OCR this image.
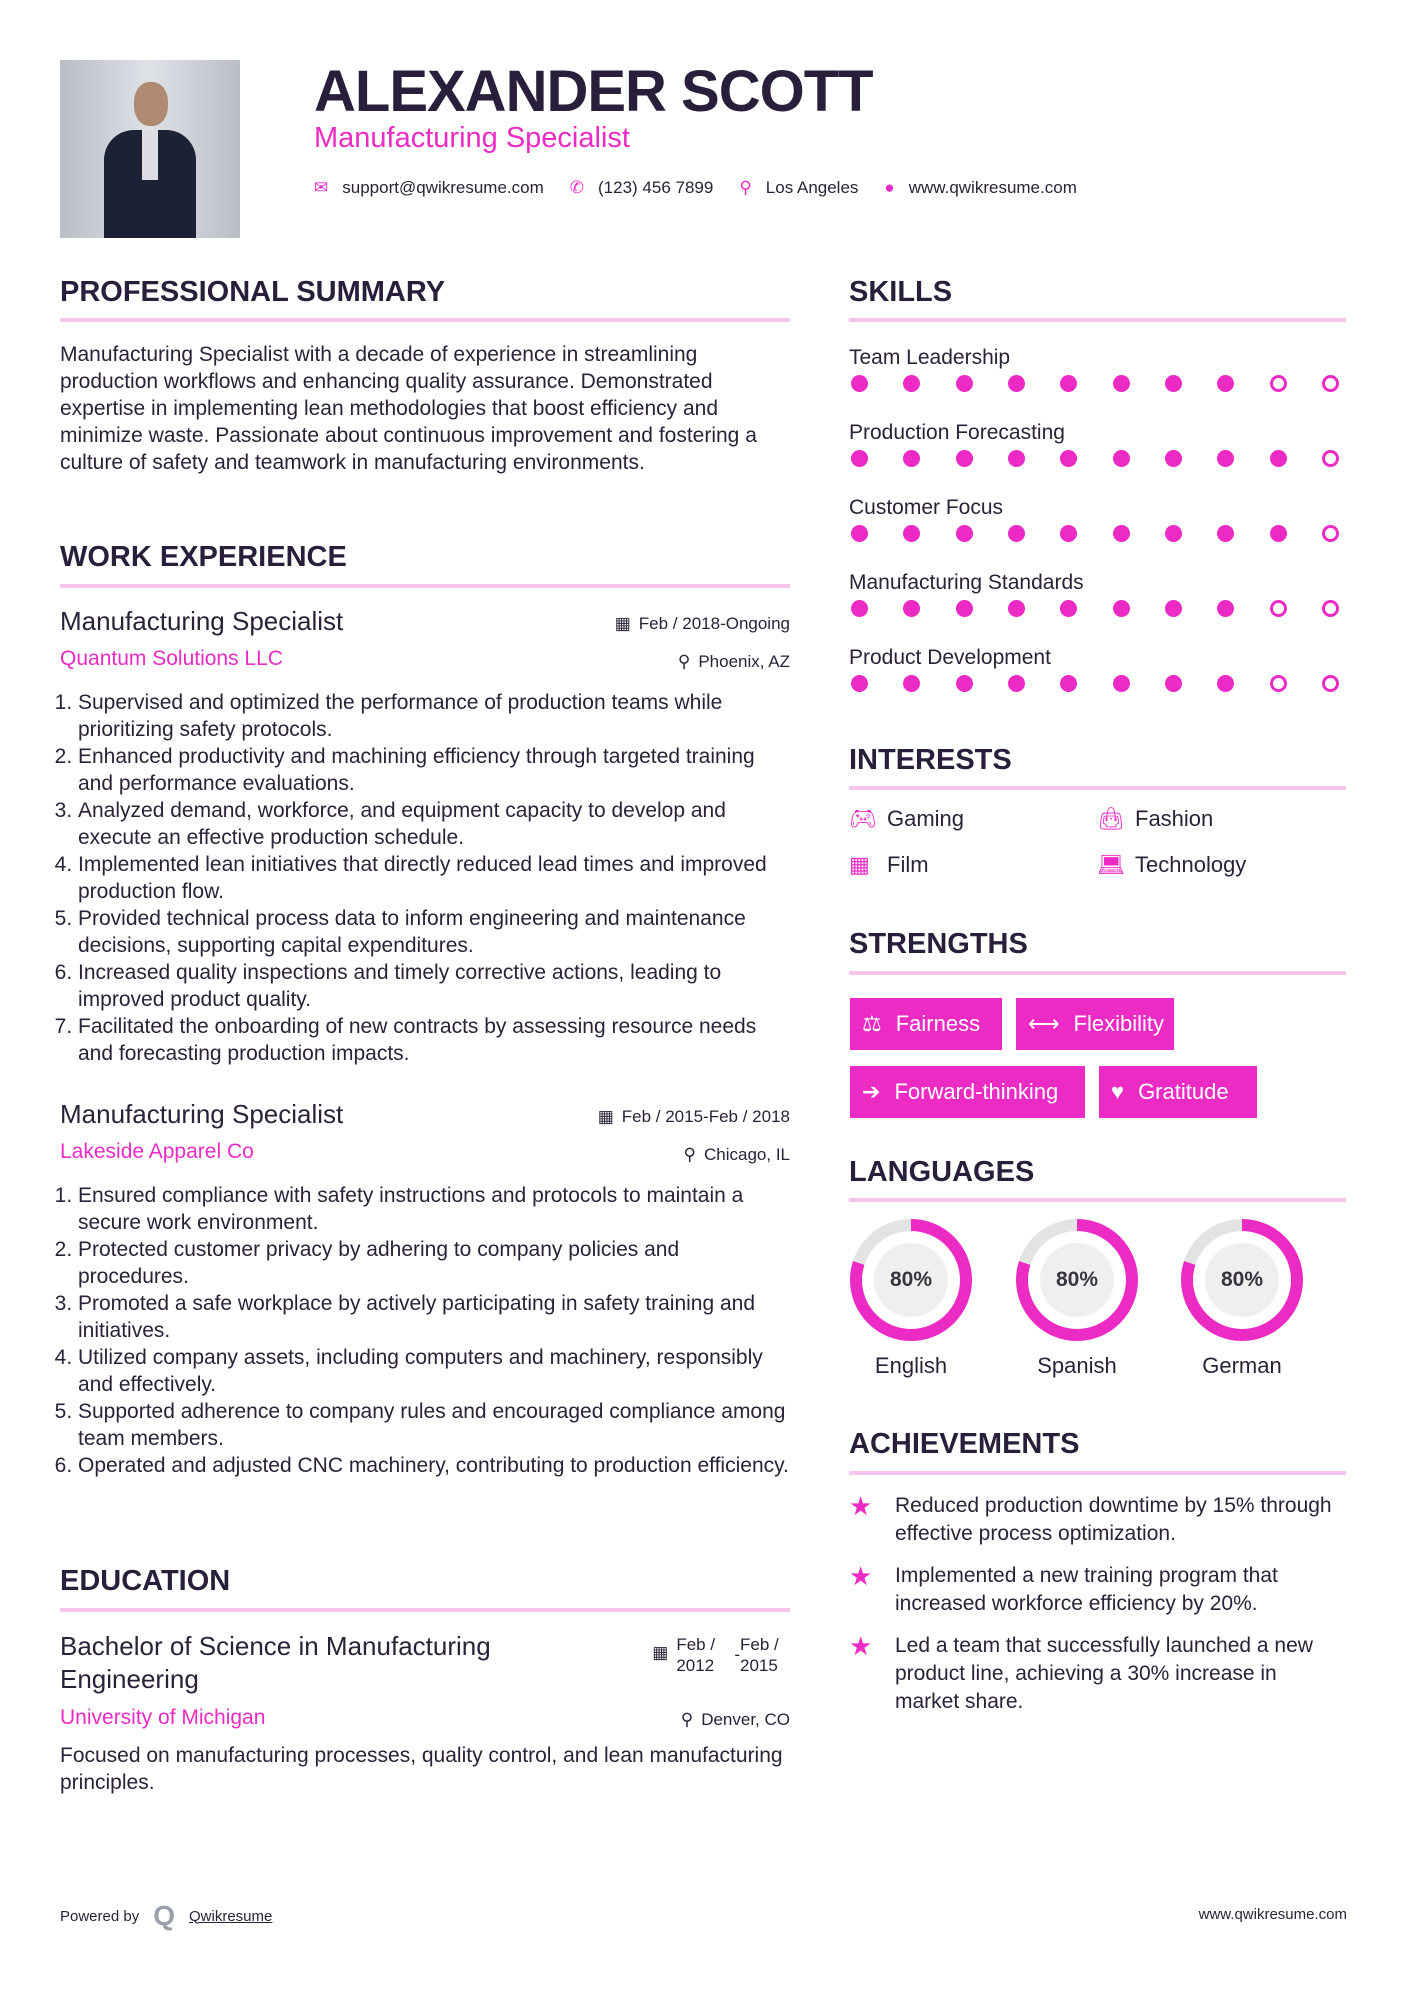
ALEXANDER SCOTT
Manufacturing Specialist
✉ support@qwikresume.com ✆ (123) 456 7899 ⚲ Los Angeles ● www.qwikresume.com
PROFESSIONAL SUMMARY
Manufacturing Specialist with a decade of experience in streamlining production workflows and enhancing quality assurance. Demonstrated expertise in implementing lean methodologies that boost efficiency and minimize waste. Passionate about continuous improvement and fostering a culture of safety and teamwork in manufacturing environments.
WORK EXPERIENCE
Manufacturing Specialist	▦ Feb / 2018-Ongoing
Quantum Solutions LLC	⚲ Phoenix, AZ
1. Supervised and optimized the performance of production teams while prioritizing safety protocols.
2. Enhanced productivity and machining efficiency through targeted training and performance evaluations.
3. Analyzed demand, workforce, and equipment capacity to develop and execute an effective production schedule.
4. Implemented lean initiatives that directly reduced lead times and improved production flow.
5. Provided technical process data to inform engineering and maintenance decisions, supporting capital expenditures.
6. Increased quality inspections and timely corrective actions, leading to improved product quality.
7. Facilitated the onboarding of new contracts by assessing resource needs and forecasting production impacts.
Manufacturing Specialist	▦ Feb / 2015-Feb / 2018
Lakeside Apparel Co	⚲ Chicago, IL
1. Ensured compliance with safety instructions and protocols to maintain a secure work environment.
2. Protected customer privacy by adhering to company policies and procedures.
3. Promoted a safe workplace by actively participating in safety training and initiatives.
4. Utilized company assets, including computers and machinery, responsibly and effectively.
5. Supported adherence to company rules and encouraged compliance among team members.
6. Operated and adjusted CNC machinery, contributing to production efficiency.
EDUCATION
Bachelor of Science in Manufacturing Engineering
▦ Feb / 2012
-
Feb / 2015
University of Michigan	⚲ Denver, CO
Focused on manufacturing processes, quality control, and lean manufacturing principles.
SKILLS
Team Leadership
Production Forecasting
Customer Focus
Manufacturing Standards
Product Development
INTERESTS
🎮︎ Gaming	👜︎ Fashion
▦ Film	💻︎ Technology
STRENGTHS
⚖ Fairness ⟷ Flexibility
➔ Forward-thinking ♥ Gratitude
LANGUAGES
80%	80%	80%
English	Spanish	German
ACHIEVEMENTS
★ Reduced production downtime by 15% through effective process optimization.
★ Implemented a new training program that increased workforce efficiency by 20%.
★ Led a team that successfully launched a new product line, achieving a 30% increase in market share.
Powered by Q Qwikresume	www.qwikresume.com
